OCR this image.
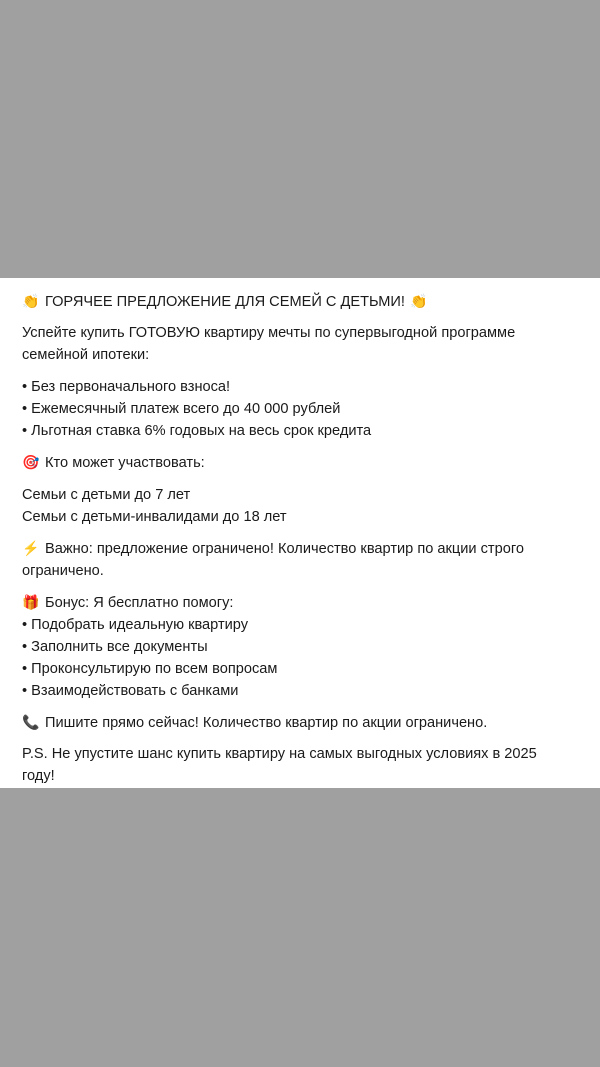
👏 ГОРЯЧЕЕ ПРЕДЛОЖЕНИЕ ДЛЯ СЕМЕЙ С ДЕТЬМИ! 👏
Успейте купить ГОТОВУЮ квартиру мечты по супервыгодной программе
семейной ипотеки:
• Без первоначального взноса!
• Ежемесячный платеж всего до 40 000 рублей
• Льготная ставка 6% годовых на весь срок кредита
🎯 Кто может участвовать:
Семьи с детьми до 7 лет
Семьи с детьми-инвалидами до 18 лет
⚡ Важно: предложение ограничено! Количество квартир по акции строго
ограничено.
🎁 Бонус: Я бесплатно помогу:
• Подобрать идеальную квартиру
• Заполнить все документы
• Проконсультирую по всем вопросам
• Взаимодействовать с банками
📞 Пишите прямо сейчас! Количество квартир по акции ограничено.
P.S. Не упустите шанс купить квартиру на самых выгодных условиях в 2025
году!
